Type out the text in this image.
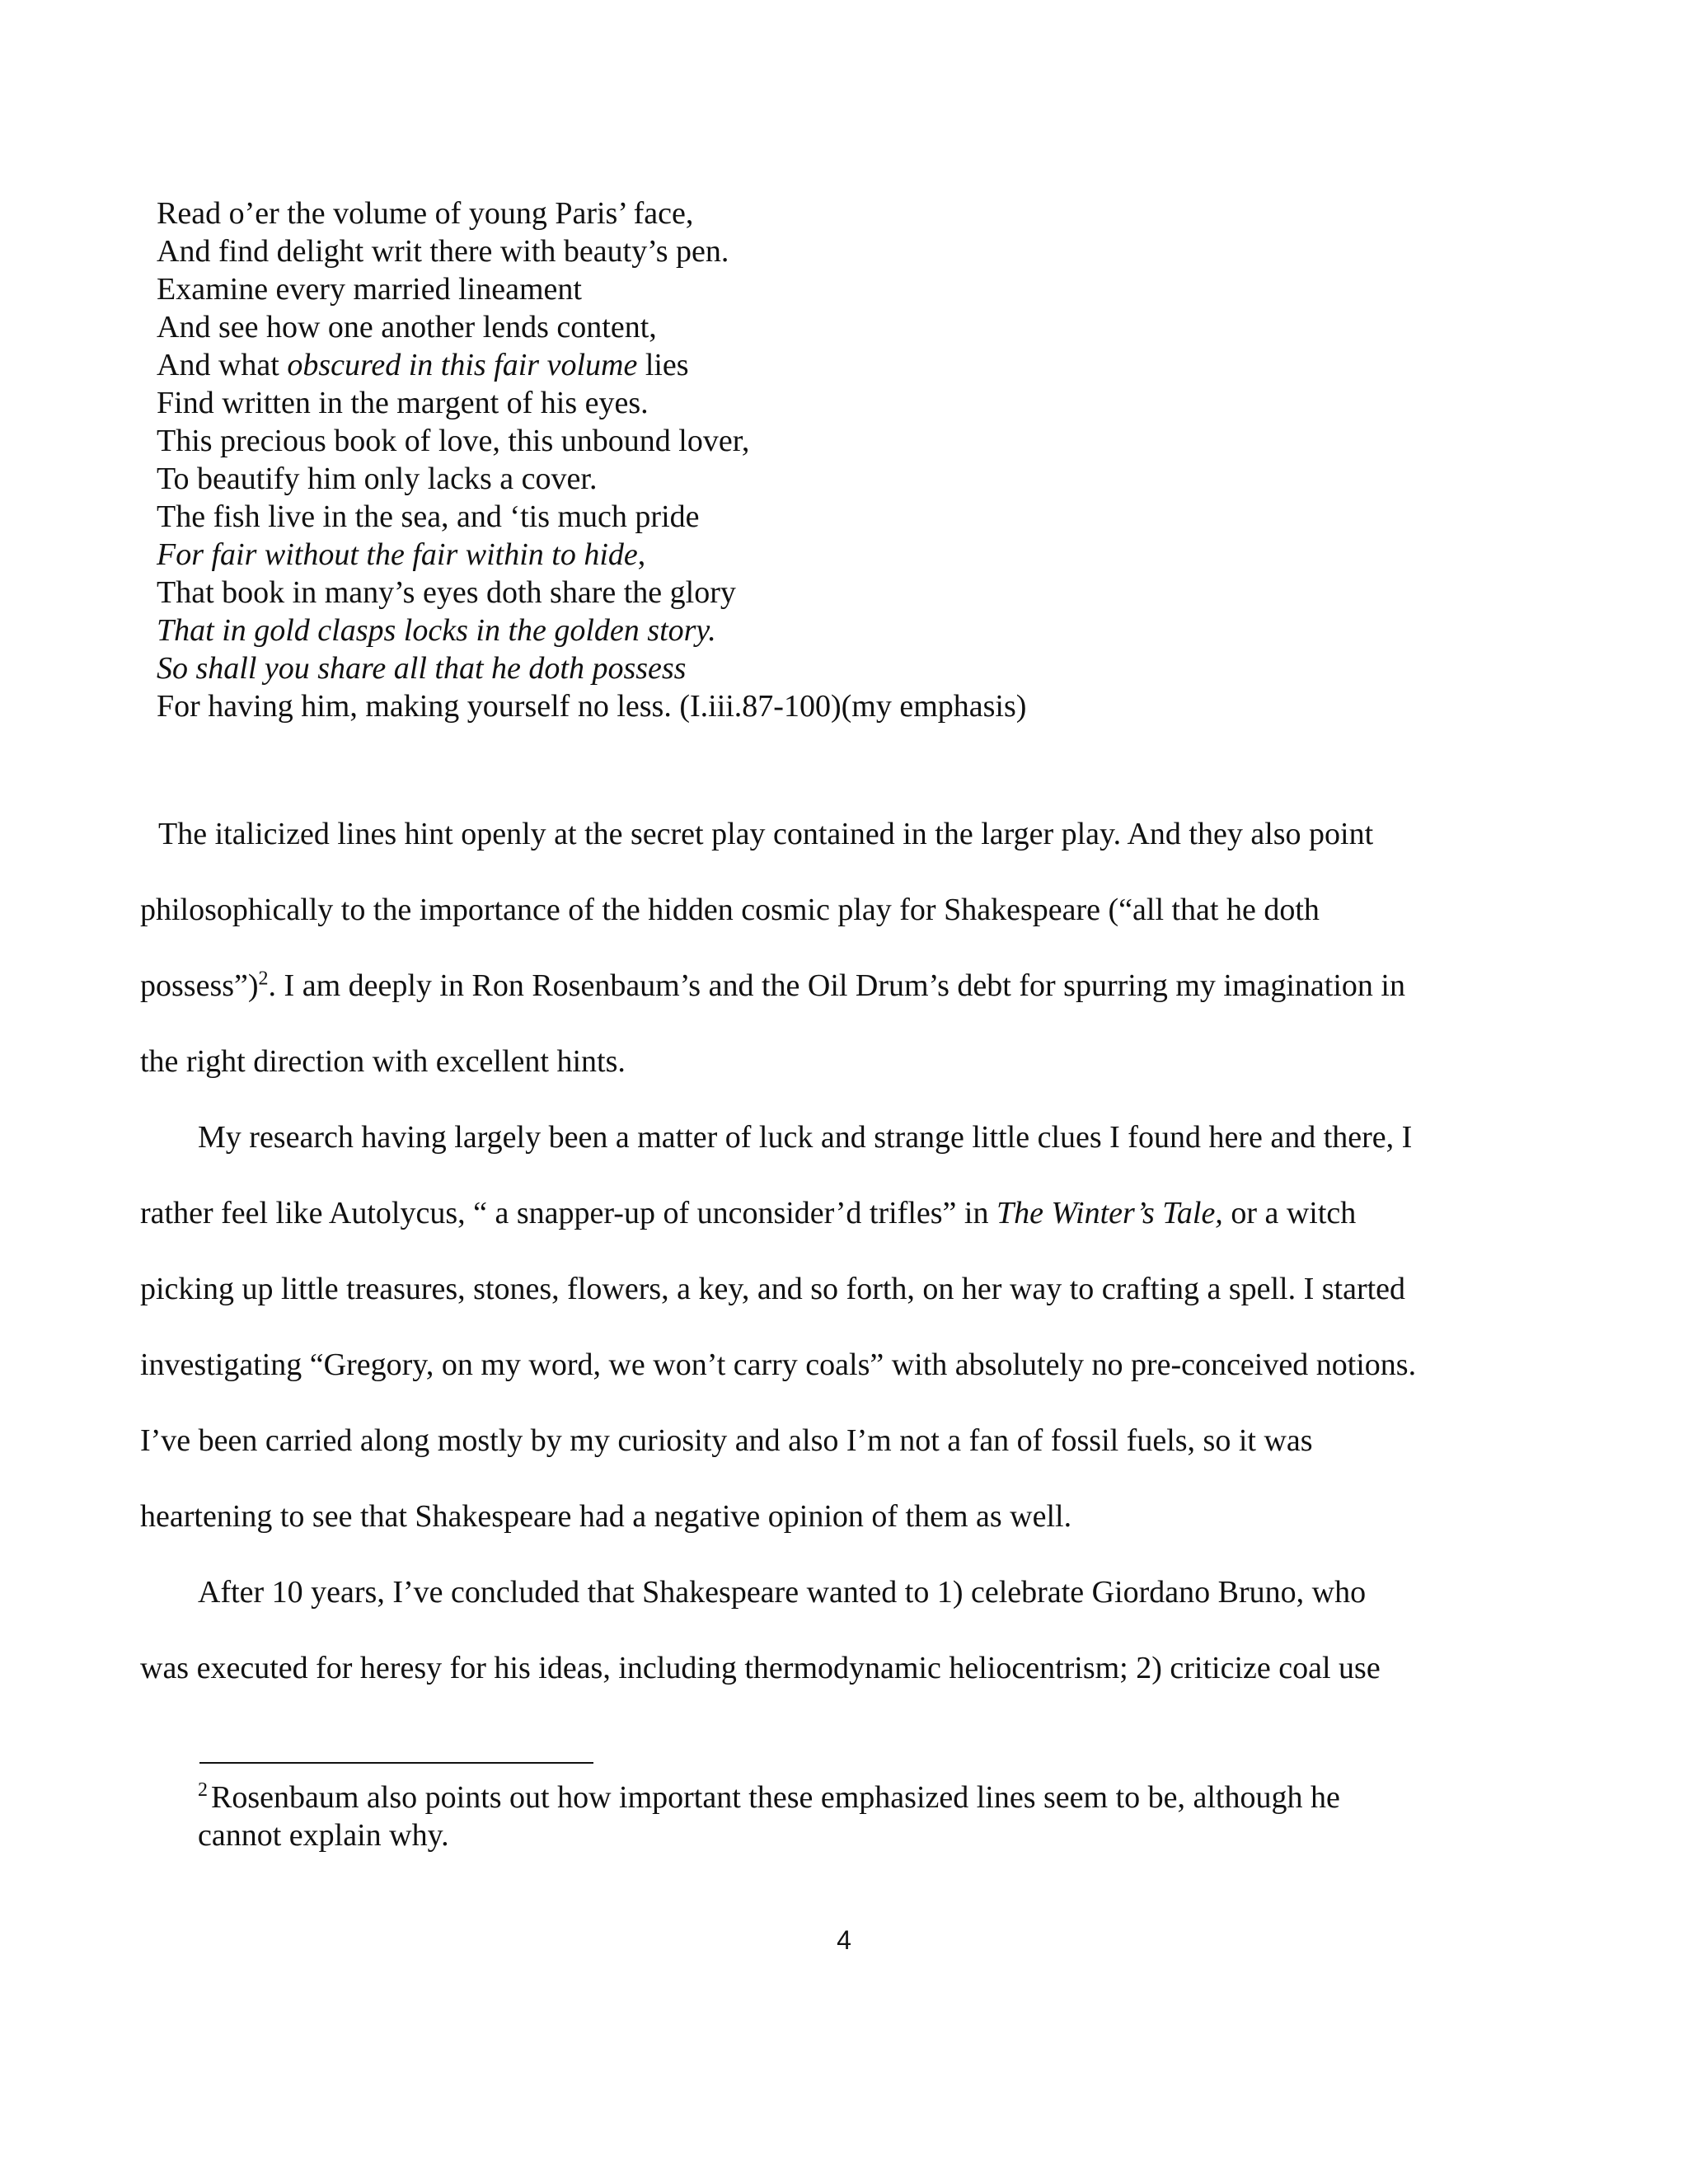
Read o’er the volume of young Paris’ face,
And find delight writ there with beauty’s pen.
Examine every married lineament
And see how one another lends content,
And what obscured in this fair volume lies
Find written in the margent of his eyes.
This precious book of love, this unbound lover,
To beautify him only lacks a cover.
The fish live in the sea, and ‘tis much pride
For fair without the fair within to hide,
That book in many’s eyes doth share the glory
That in gold clasps locks in the golden story.
So shall you share all that he doth possess
For having him, making yourself no less. (I.iii.87-100)(my emphasis)
The italicized lines hint openly at the secret play contained in the larger play. And they also point
philosophically to the importance of the hidden cosmic play for Shakespeare (“all that he doth
possess”)$^2$. I am deeply in Ron Rosenbaum’s and the Oil Drum’s debt for spurring my imagination in
the right direction with excellent hints.
My research having largely been a matter of luck and strange little clues I found here and there, I
rather feel like Autolycus, “ a snapper-up of unconsider’d trifles” in The Winter’s Tale, or a witch
picking up little treasures, stones, flowers, a key, and so forth, on her way to crafting a spell. I started
investigating “Gregory, on my word, we won’t carry coals” with absolutely no pre-conceived notions.
I’ve been carried along mostly by my curiosity and also I’m not a fan of fossil fuels, so it was
heartening to see that Shakespeare had a negative opinion of them as well.
After 10 years, I’ve concluded that Shakespeare wanted to 1) celebrate Giordano Bruno, who
was executed for heresy for his ideas, including thermodynamic heliocentrism; 2) criticize coal use
$^2$ Rosenbaum also points out how important these emphasized lines seem to be, although he
cannot explain why.
4
